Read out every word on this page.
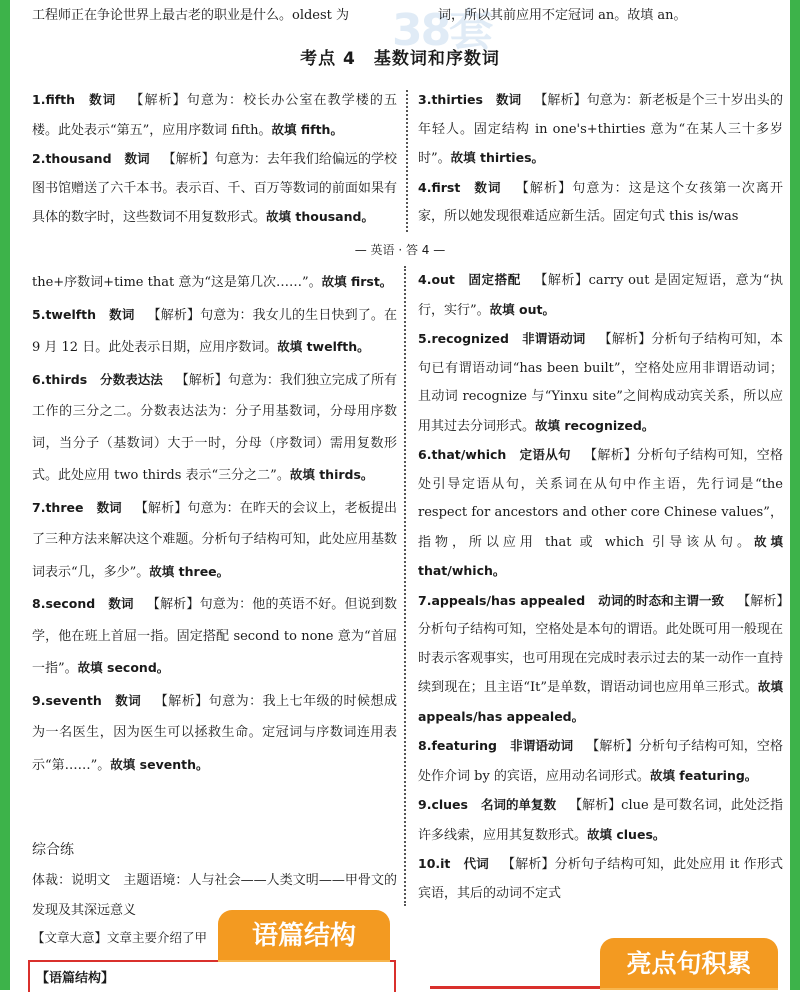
38套
工程师正在争论世界上最古老的职业是什么。oldest 为	词，所以其前应用不定冠词 an。故填 an。
考点 4　基数词和序数词

1.fifth  数词  【解析】句意为：校长办公室在教学楼的五楼。此处表示“第五”，应用序数词 fifth。故填 fifth。

2.thousand  数词  【解析】句意为：去年我们给偏远的学校图书馆赠送了六千本书。表示百、千、百万等数词的前面如果有具体的数字时，这些数词不用复数形式。故填 thousand。

3.thirties  数词  【解析】句意为：新老板是个三十岁出头的年轻人。固定结构 in one's+thirties 意为“在某人三十多岁时”。故填 thirties。

4.first  数词  【解析】句意为：这是这个女孩第一次离开家，所以她发现很难适应新生活。固定句式 this is/was

— 英语 · 答 4 —

the+序数词+time that 意为“这是第几次……”。故填 first。

5.twelfth  数词  【解析】句意为：我女儿的生日快到了。在 9 月 12 日。此处表示日期，应用序数词。故填 twelfth。

6.thirds  分数表达法  【解析】句意为：我们独立完成了所有工作的三分之二。分数表达法为：分子用基数词，分母用序数词，当分子（基数词）大于一时，分母（序数词）需用复数形式。此处应用 two thirds 表示“三分之二”。故填 thirds。

7.three  数词  【解析】句意为：在昨天的会议上，老板提出了三种方法来解决这个难题。分析句子结构可知，此处应用基数词表示“几，多少”。故填 three。

8.second  数词  【解析】句意为：他的英语不好。但说到数学，他在班上首屈一指。固定搭配 second to none 意为“首屈一指”。故填 second。

9.seventh  数词  【解析】句意为：我上七年级的时候想成为一名医生，因为医生可以拯救生命。定冠词与序数词连用表示“第……”。故填 seventh。

4.out  固定搭配  【解析】carry out 是固定短语，意为“执行，实行”。故填 out。

5.recognized  非谓语动词  【解析】分析句子结构可知，本句已有谓语动词“has been built”，空格处应用非谓语动词；且动词 recognize 与“Yinxu site”之间构成动宾关系，所以应用其过去分词形式。故填 recognized。

6.that/which  定语从句  【解析】分析句子结构可知，空格处引导定语从句，关系词在从句中作主语，先行词是“the respect for ancestors and other core Chinese values”，指物，所以应用 that 或 which 引导该从句。故填 that/which。

7.appeals/has appealed  动词的时态和主谓一致  【解析】分析句子结构可知，空格处是本句的谓语。此处既可用一般现在时表示客观事实，也可用现在完成时表示过去的某一动作一直持续到现在；且主语“It”是单数，谓语动词也应用单三形式。故填 appeals/has appealed。

8.featuring  非谓语动词  【解析】分析句子结构可知，空格处作介词 by 的宾语，应用动名词形式。故填 featuring。

9.clues  名词的单复数  【解析】clue 是可数名词，此处泛指许多线索，应用其复数形式。故填 clues。

10.it  代词  【解析】分析句子结构可知，此处应用 it 作形式宾语，其后的动词不定式

综合练

体裁：说明文　主题语境：人与社会——人类文明——甲骨文的发现及其深远意义

【文章大意】文章主要介绍了甲

【语篇结构】
语篇结构
亮点句积累
